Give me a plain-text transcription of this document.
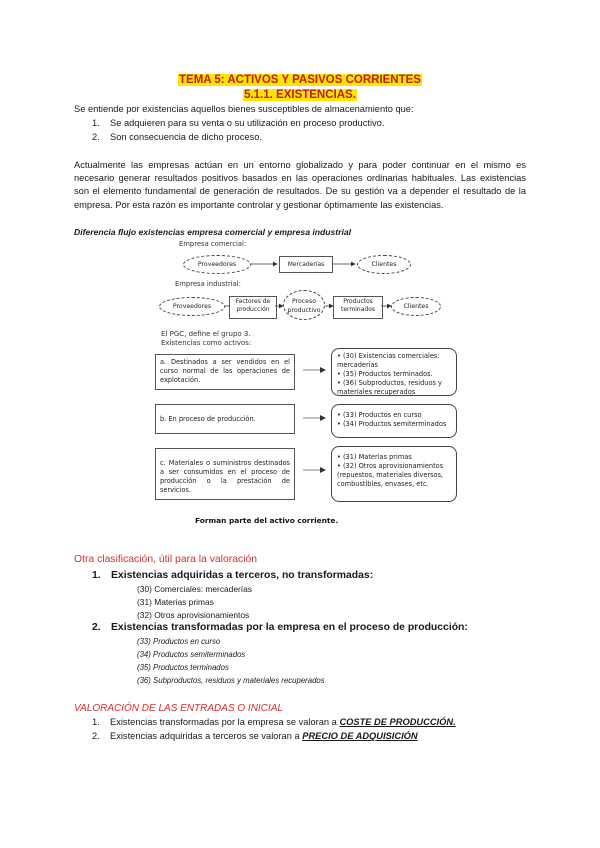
TEMA 5: ACTIVOS Y PASIVOS CORRIENTES
5.1.1. EXISTENCIAS.
Se entiende por existencias aquellos bienes susceptibles de almacenamiento que:
1. Se adquieren para su venta o su utilización en proceso productivo.
2. Son consecuencia de dicho proceso.
Actualmente las empresas actúan en un entorno globalizado y para poder continuar en el mismo es
necesario generar resultados positivos basados en las operaciones ordinarias habituales. Las existencias
son el elemento fundamental de generación de resultados. De su gestión va a depender el resultado de la
empresa. Por esta razón es importante controlar y gestionar óptimamente las existencias.
Diferencia flujo existencias empresa comercial y empresa industrial
Empresa comercial:
Proveedores	Mercaderías	Clientes
Empresa industrial:
Proveedores
Factores de producción
Proceso productivo
Productos terminados	Clientes
El PGC, define el grupo 3. Existencias como activos:
a. Destinados a ser vendidos en el curso normal de las operaciones de explotación.
b. En proceso de producción.
c. Materiales o suministros destinados a ser consumidos en el proceso de producción o la prestación de servicios.
• (30) Existencias comerciales: mercaderías
• (35) Productos terminados.
• (36) Subproductos, residuos y materiales recuperados
• (33) Productos en curso
• (34) Productos semiterminados
• (31) Materias primas
• (32) Otros aprovisionamientos (repuestos, materiales diversos, combustibles, envases, etc.
Forman parte del activo corriente.
Otra clasificación, útil para la valoración
1. Existencias adquiridas a terceros, no transformadas:
(30) Comerciales: mercaderías
(31) Materias primas
(32) Otros aprovisionamientos
2. Existencias transformadas por la empresa en el proceso de producción:
(33) Productos en curso
(34) Productos semiterminados
(35) Productos terminados
(36) Subproductos, residuos y materiales recuperados
VALORACIÓN DE LAS ENTRADAS O INICIAL
1. Existencias transformadas por la empresa se valoran a COSTE DE PRODUCCIÓN.
2. Existencias adquiridas a terceros se valoran a PRECIO DE ADQUISICIÓN
